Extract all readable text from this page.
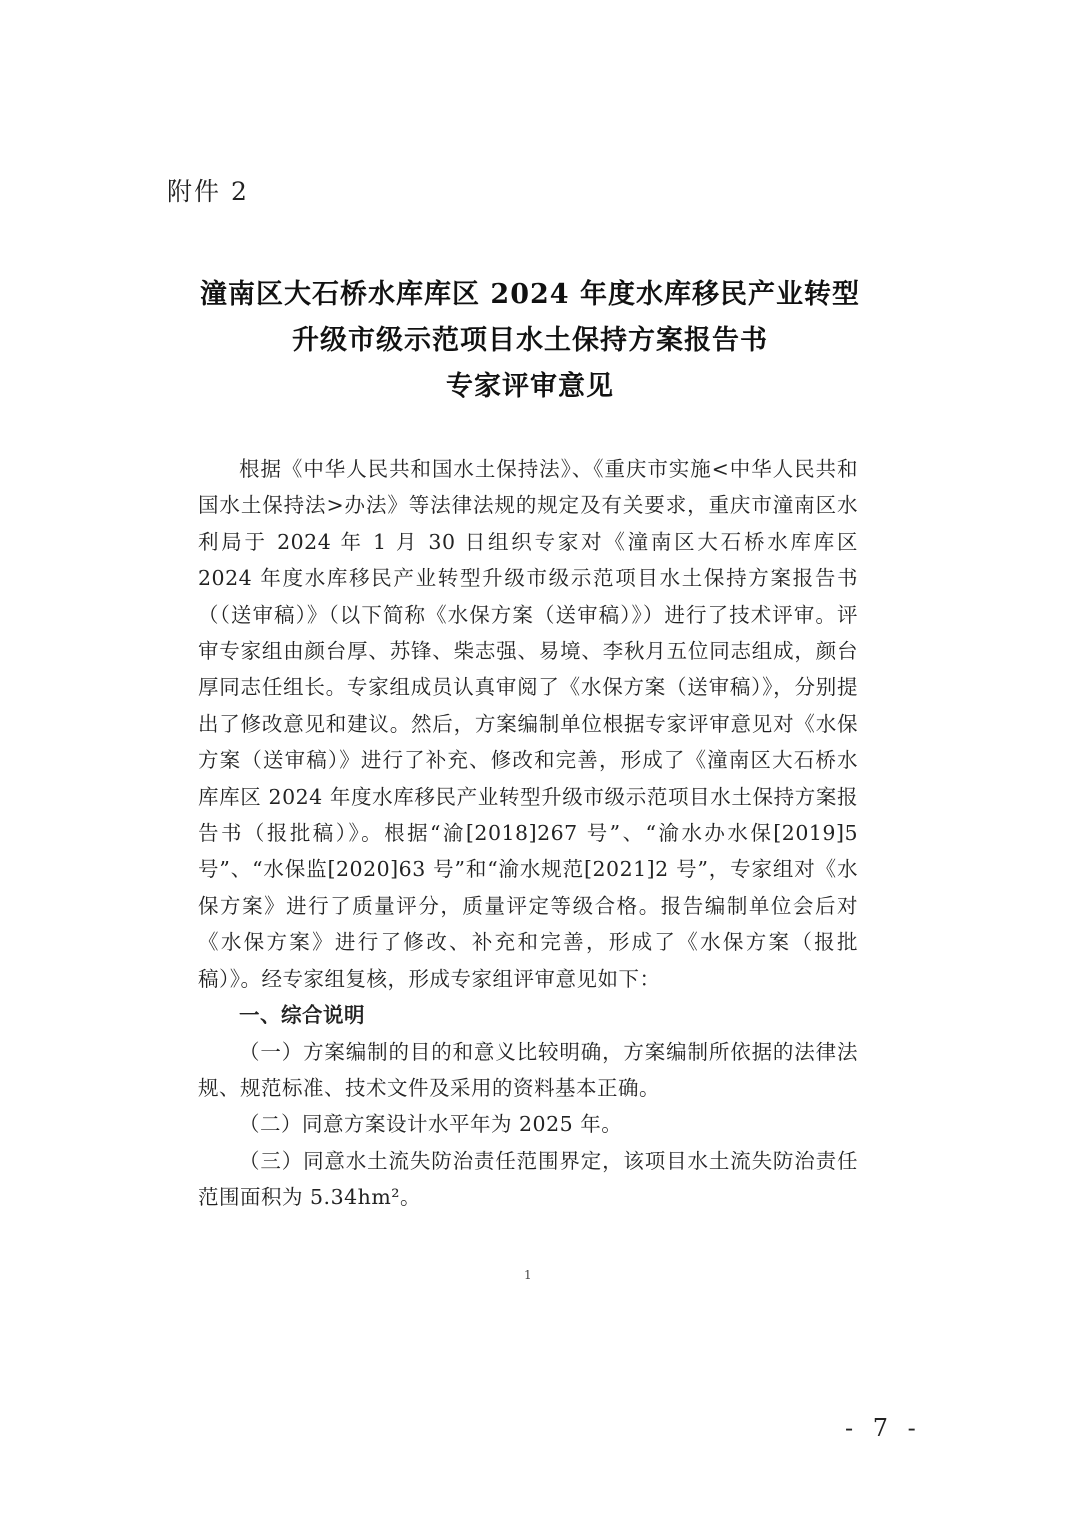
附件 2
潼南区大石桥水库库区 2024 年度水库移民产业转型
升级市级示范项目水土保持方案报告书
专家评审意见

根据《中华人民共和国水土保持法》、《重庆市实施<中华人民共和国水土保持法>办法》等法律法规的规定及有关要求，重庆市潼南区水利局于 2024 年 1 月 30 日组织专家对《潼南区大石桥水库库区 2024 年度水库移民产业转型升级市级示范项目水土保持方案报告书（（送审稿）》（以下简称《水保方案（送审稿）》）进行了技术评审。评审专家组由颜台厚、苏锋、柴志强、易境、李秋月五位同志组成，颜台厚同志任组长。专家组成员认真审阅了《水保方案（送审稿）》，分别提出了修改意见和建议。然后，方案编制单位根据专家评审意见对《水保方案（送审稿）》进行了补充、修改和完善，形成了《潼南区大石桥水库库区 2024 年度水库移民产业转型升级市级示范项目水土保持方案报告书（报批稿）》。根据“渝[2018]267 号”、“渝水办水保[2019]5 号”、“水保监[2020]63 号”和“渝水规范[2021]2 号”，专家组对《水保方案》进行了质量评分，质量评定等级合格。报告编制单位会后对《水保方案》进行了修改、补充和完善，形成了《水保方案（报批稿）》。经专家组复核，形成专家组评审意见如下：

一、综合说明

（一）方案编制的目的和意义比较明确，方案编制所依据的法律法规、规范标准、技术文件及采用的资料基本正确。

（二）同意方案设计水平年为 2025 年。

（三）同意水土流失防治责任范围界定，该项目水土流失防治责任范围面积为 5.34hm²。

1
- 7 -
